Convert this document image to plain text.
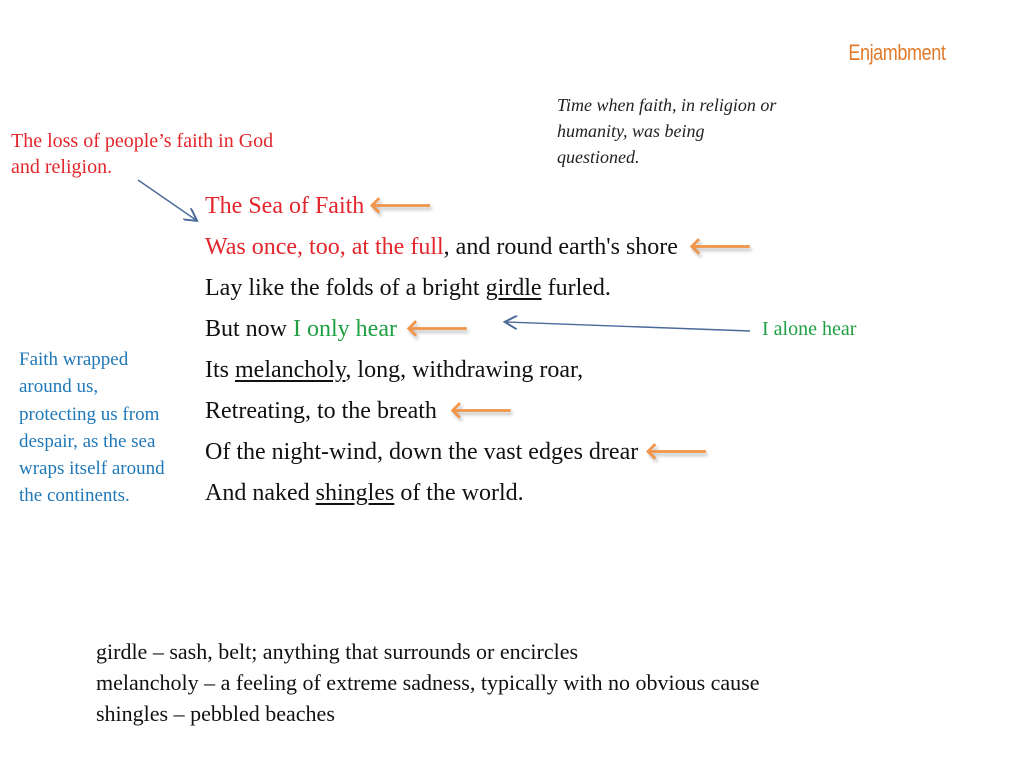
Enjambment
Time when faith, in religion or humanity, was being questioned.
The loss of people’s faith in God and religion.
Faith wrapped around us, protecting us from despair, as the sea wraps itself around the continents.
I alone hear
The Sea of Faith 🡐
Was once, too, at the full, and round earth's shore 🡐
Lay like the folds of a bright girdle furled.
But now I only hear 🡐
Its melancholy, long, withdrawing roar,
Retreating, to the breath 🡐
Of the night-wind, down the vast edges drear 🡐
And naked shingles of the world.
girdle – sash, belt; anything that surrounds or encircles
melancholy – a feeling of extreme sadness, typically with no obvious cause
shingles – pebbled beaches
